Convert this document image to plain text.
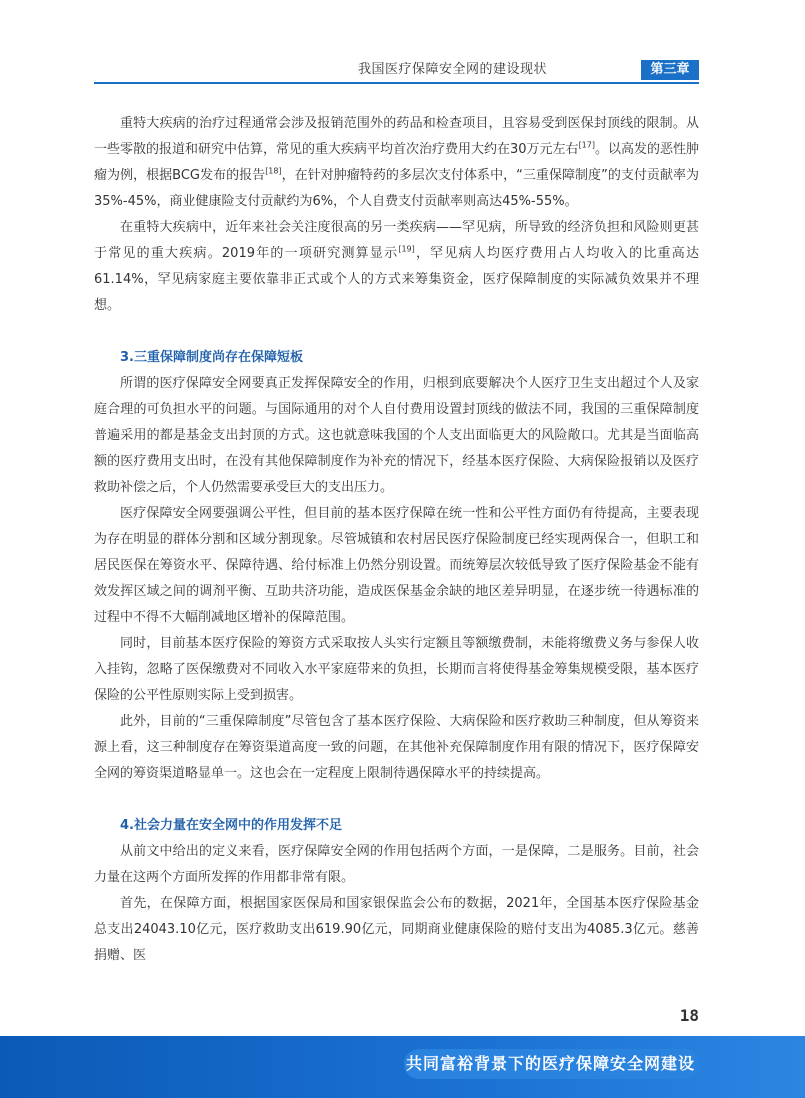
我国医疗保障安全网的建设现状	第三章

重特大疾病的治疗过程通常会涉及报销范围外的药品和检查项目，且容易受到医保封顶线的限制。从一些零散的报道和研究中估算，常见的重大疾病平均首次治疗费用大约在30万元左右[17]。以高发的恶性肿瘤为例，根据BCG发布的报告[18]，在针对肿瘤特药的多层次支付体系中，“三重保障制度”的支付贡献率为35%-45%，商业健康险支付贡献约为6%，个人自费支付贡献率则高达45%-55%。

在重特大疾病中，近年来社会关注度很高的另一类疾病——罕见病，所导致的经济负担和风险则更甚于常见的重大疾病。2019年的一项研究测算显示[19]，罕见病人均医疗费用占人均收入的比重高达61.14%，罕见病家庭主要依靠非正式或个人的方式来筹集资金，医疗保障制度的实际减负效果并不理想。

3.三重保障制度尚存在保障短板

所谓的医疗保障安全网要真正发挥保障安全的作用，归根到底要解决个人医疗卫生支出超过个人及家庭合理的可负担水平的问题。与国际通用的对个人自付费用设置封顶线的做法不同，我国的三重保障制度普遍采用的都是基金支出封顶的方式。这也就意味我国的个人支出面临更大的风险敞口。尤其是当面临高额的医疗费用支出时，在没有其他保障制度作为补充的情况下，经基本医疗保险、大病保险报销以及医疗救助补偿之后，个人仍然需要承受巨大的支出压力。

医疗保障安全网要强调公平性，但目前的基本医疗保障在统一性和公平性方面仍有待提高，主要表现为存在明显的群体分割和区域分割现象。尽管城镇和农村居民医疗保险制度已经实现两保合一，但职工和居民医保在筹资水平、保障待遇、给付标准上仍然分别设置。而统筹层次较低导致了医疗保险基金不能有效发挥区域之间的调剂平衡、互助共济功能，造成医保基金余缺的地区差异明显，在逐步统一待遇标准的过程中不得不大幅削减地区增补的保障范围。

同时，目前基本医疗保险的筹资方式采取按人头实行定额且等额缴费制，未能将缴费义务与参保人收入挂钩，忽略了医保缴费对不同收入水平家庭带来的负担，长期而言将使得基金筹集规模受限，基本医疗保险的公平性原则实际上受到损害。

此外，目前的“三重保障制度”尽管包含了基本医疗保险、大病保险和医疗救助三种制度，但从筹资来源上看，这三种制度存在筹资渠道高度一致的问题，在其他补充保障制度作用有限的情况下，医疗保障安全网的筹资渠道略显单一。这也会在一定程度上限制待遇保障水平的持续提高。

4.社会力量在安全网中的作用发挥不足

从前文中给出的定义来看，医疗保障安全网的作用包括两个方面，一是保障，二是服务。目前，社会力量在这两个方面所发挥的作用都非常有限。

首先，在保障方面，根据国家医保局和国家银保监会公布的数据，2021年，全国基本医疗保险基金总支出24043.10亿元，医疗救助支出619.90亿元，同期商业健康保险的赔付支出为4085.3亿元。慈善捐赠、医

18
共同富裕背景下的医疗保障安全网建设
